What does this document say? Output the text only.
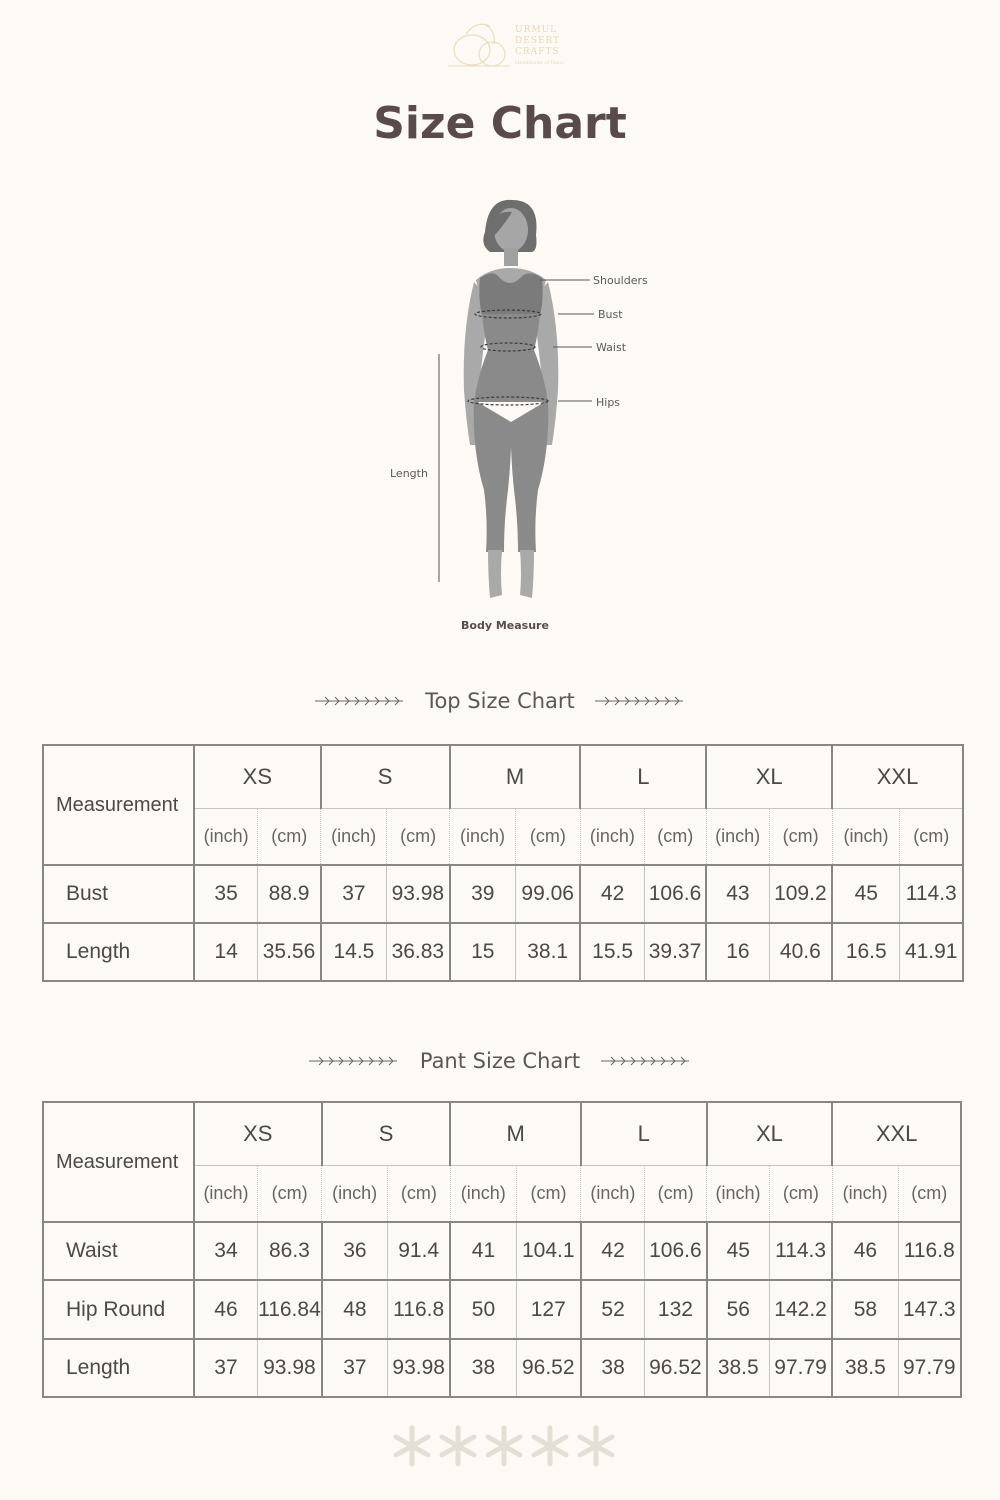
URMUL
DESERT
CRAFTS
Handmade of Hans
Size Chart
Shoulders
Bust
Waist
Hips
Length
Body Measure
Top Size Chart
Measurement	XS		S		M		L		XL		XXL	
	(inch)	(cm)	(inch)	(cm)	(inch)	(cm)	(inch)	(cm)	(inch)	(cm)	(inch)	(cm)
Bust	35	88.9	37	93.98	39	99.06	42	106.6	43	109.2	45	114.3
Length	14	35.56	14.5	36.83	15	38.1	15.5	39.37	16	40.6	16.5	41.91
Pant Size Chart
Measurement	XS		S		M		L		XL		XXL	
	(inch)	(cm)	(inch)	(cm)	(inch)	(cm)	(inch)	(cm)	(inch)	(cm)	(inch)	(cm)
Waist	34	86.3	36	91.4	41	104.1	42	106.6	45	114.3	46	116.8
Hip Round	46	116.84	48	116.8	50	127	52	132	56	142.2	58	147.3
Length	37	93.98	37	93.98	38	96.52	38	96.52	38.5	97.79	38.5	97.79
